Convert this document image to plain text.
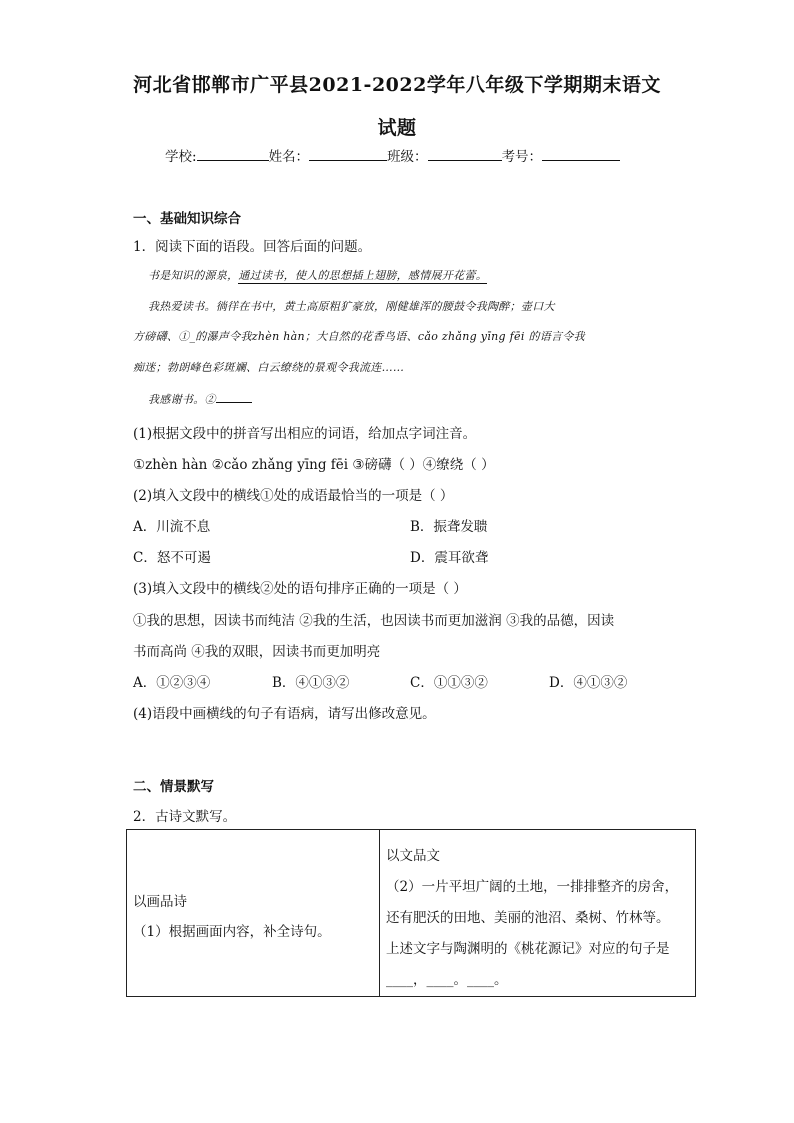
河北省邯郸市广平县2021-2022学年八年级下学期期末语文
试题
学校:	姓名：	班级：	考号：
一、基础知识综合
1．阅读下面的语段。回答后面的问题。
书是知识的源泉，通过读书，使人的思想插上翅膀，感情展开花蕾。
我热爱读书。徜徉在书中，黄土高原粗犷豪放，刚健雄浑的腰鼓令我陶醉；壶口大
方磅礴、①_的瀑声令我zhèn hàn；大自然的花香鸟语、cǎo zhǎng yīng fēi 的语言令我
痴迷；勃朗峰色彩斑斓、白云缭绕的景观令我流连……
我感谢书。②
(1)根据文段中的拼音写出相应的词语，给加点字词注音。
①zhèn hàn ②cǎo zhǎng yīng fēi ③磅礴（ ）④缭绕（ ）
(2)填入文段中的横线①处的成语最恰当的一项是（ ）
A．川流不息	B．振聋发聩
C．怒不可遏	D．震耳欲聋
(3)填入文段中的横线②处的语句排序正确的一项是（ ）
①我的思想，因读书而纯洁 ②我的生活，也因读书而更加滋润 ③我的品德，因读
书而高尚 ④我的双眼，因读书而更加明亮
A．①②③④	B．④①③②	C．①①③②	D．④①③②
(4)语段中画横线的句子有语病，请写出修改意见。
二、情景默写
2．古诗文默写。
以画品诗
（1）根据画面内容，补全诗句。

以文品文
（2）一片平坦广阔的土地，一排排整齐的房舍，
还有肥沃的田地、美丽的池沼、桑树、竹林等。
上述文字与陶渊明的《桃花源记》对应的句子是
____，____。____。
